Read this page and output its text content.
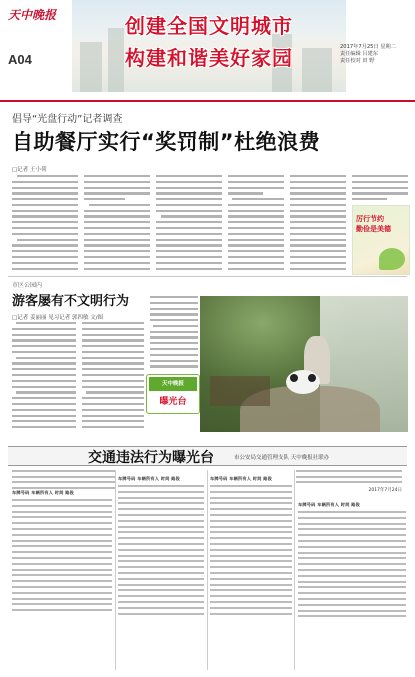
天中晚报
A04
创建全国文明城市
构建和谐美好家园	2017年7月25日 星期二
责任编辑 吕建东
责任校对 田 野
倡导“光盘行动”记者调查
自助餐厅实行“奖罚制”杜绝浪费
□记者 王小荷
厉行节约
勤俭是美德
市区公园内
游客屡有不文明行为
□记者 姜丽丽 见习记者 郭四敏 文/图
天中晚报
曝光台
交通违法行为曝光台	市公安局交通管理支队 天中晚报社联办
车牌号码 车辆所有人 时间 路段
车牌号码 车辆所有人 时间 路段	车牌号码 车辆所有人 时间 路段
2017年7月24日
车牌号码 车辆所有人 时间 路段
